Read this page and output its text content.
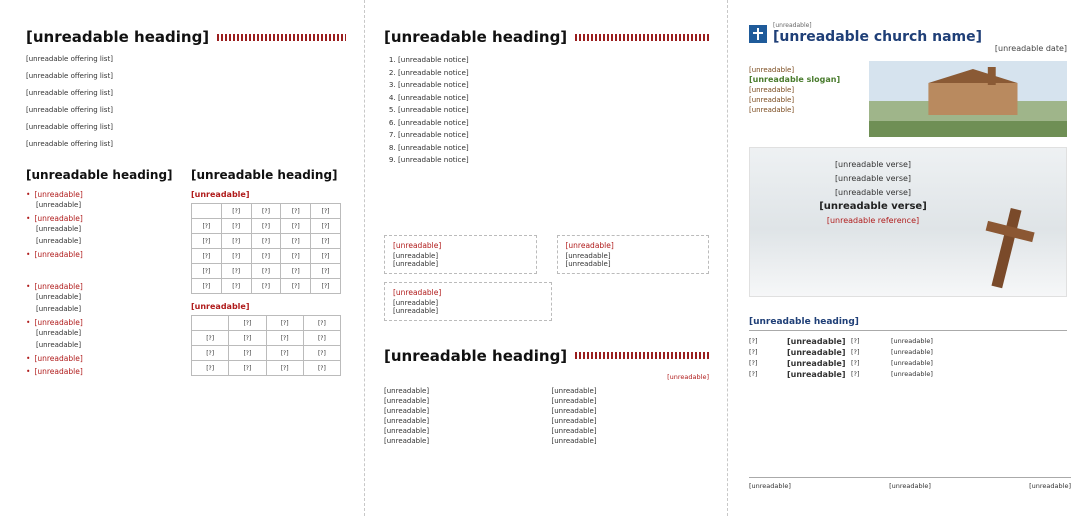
[unreadable heading]

[unreadable offering list]

[unreadable offering list]

[unreadable offering list]

[unreadable offering list]

[unreadable offering list]

[unreadable offering list]

[unreadable heading]
• [unreadable]
[unreadable]
• [unreadable]
[unreadable]
[unreadable]
• [unreadable]
• [unreadable]
[unreadable]
[unreadable]
• [unreadable]
[unreadable]
[unreadable]
• [unreadable]
• [unreadable]
[unreadable heading]
[unreadable]
	[?]	[?]	[?]	[?]
[?]	[?]	[?]	[?]	[?]
[?]	[?]	[?]	[?]	[?]
[?]	[?]	[?]	[?]	[?]
[?]	[?]	[?]	[?]	[?]
[?]	[?]	[?]	[?]	[?]
[unreadable]
	[?]	[?]	[?]
[?]	[?]	[?]	[?]
[?]	[?]	[?]	[?]
[?]	[?]	[?]	[?]
[unreadable heading]
1. [unreadable notice]
2. [unreadable notice]
3. [unreadable notice]
4. [unreadable notice]
5. [unreadable notice]
6. [unreadable notice]
7. [unreadable notice]
8. [unreadable notice]
9. [unreadable notice]
[unreadable]
[unreadable]
[unreadable]
[unreadable]
[unreadable]
[unreadable]
[unreadable]
[unreadable]
[unreadable]
[unreadable heading]
[unreadable]
[unreadable]	[unreadable]
[unreadable]	[unreadable]
[unreadable]	[unreadable]
[unreadable]	[unreadable]
[unreadable]	[unreadable]
[unreadable]	[unreadable]
[unreadable]
[unreadable church name]
[unreadable date]
[unreadable]
[unreadable slogan]
[unreadable]
[unreadable]
[unreadable]
[unreadable verse]
[unreadable verse]
[unreadable verse]
[unreadable verse]
[unreadable reference]
[unreadable heading]
[?]	[unreadable] [?]	[unreadable]
[?]	[unreadable] [?]	[unreadable]
[?]	[unreadable] [?]	[unreadable]
[?]	[unreadable] [?]	[unreadable]
[unreadable]	[unreadable]	[unreadable]
